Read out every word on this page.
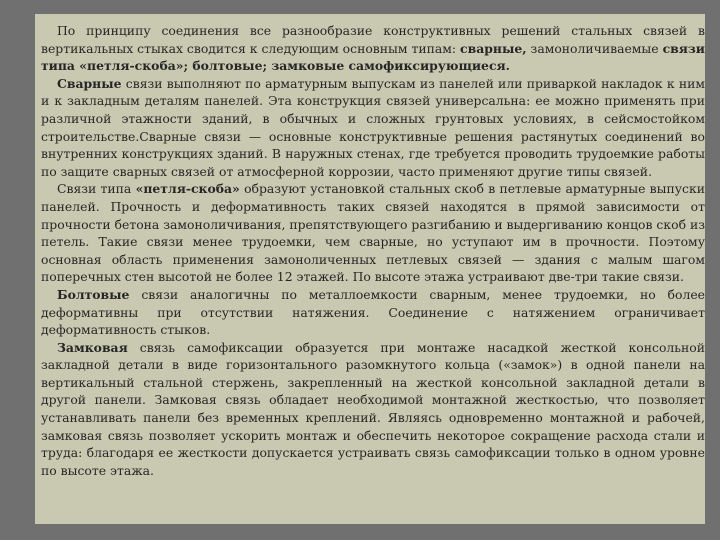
По принципу соединения все разнообразие конструктивных решений стальных связей в вертикальных стыках сводится к следующим основным типам: сварные, замоноличиваемые связи типа «петля-скоба»; болтовые; замковые самофиксирующиеся.

Сварные связи выполняют по арматурным выпускам из панелей или приваркой накладок к ним и к закладным деталям панелей. Эта конструкция связей универсальна: ее можно применять при различной этажности зданий, в обычных и сложных грунтовых условиях, в сейсмостойком строительстве.Сварные связи — основные конструктивные решения растянутых соединений во внутренних конструкциях зданий. В наружных стенах, где требуется проводить трудоемкие работы по защите сварных связей от атмосферной коррозии, часто применяют другие типы связей.

Связи типа «петля-скоба» образуют установкой стальных скоб в петлевые арматурные выпуски панелей. Прочность и деформативность таких связей находятся в прямой зависимости от прочности бетона замоноличивания, препятствующего разгибанию и выдергиванию концов скоб из петель. Такие связи менее трудоемки, чем сварные, но уступают им в прочности. Поэтому основная область применения замоноличенных петлевых связей — здания с малым шагом поперечных стен высотой не более 12 этажей. По высоте этажа устраивают две-три такие связи.

Болтовые связи аналогичны по металлоемкости сварным, менее трудоемки, но более деформативны при отсутствии натяжения. Соединение с натяжением ограничивает деформативность стыков.

Замковая связь самофиксации образуется при монтаже насадкой жесткой консольной закладной детали в виде горизонтального разомкнутого кольца («замок») в одной панели на вертикальный стальной стержень, закрепленный на жесткой консольной закладной детали в другой панели. Замковая связь обладает необходимой монтажной жесткостью, что позволяет устанавливать панели без временных креплений. Являясь одновременно монтажной и рабочей, замковая связь позволяет ускорить монтаж и обеспечить некоторое сокращение расхода стали и труда: благодаря ее жесткости допускается устраивать связь самофиксации только в одном уровне по высоте этажа.
